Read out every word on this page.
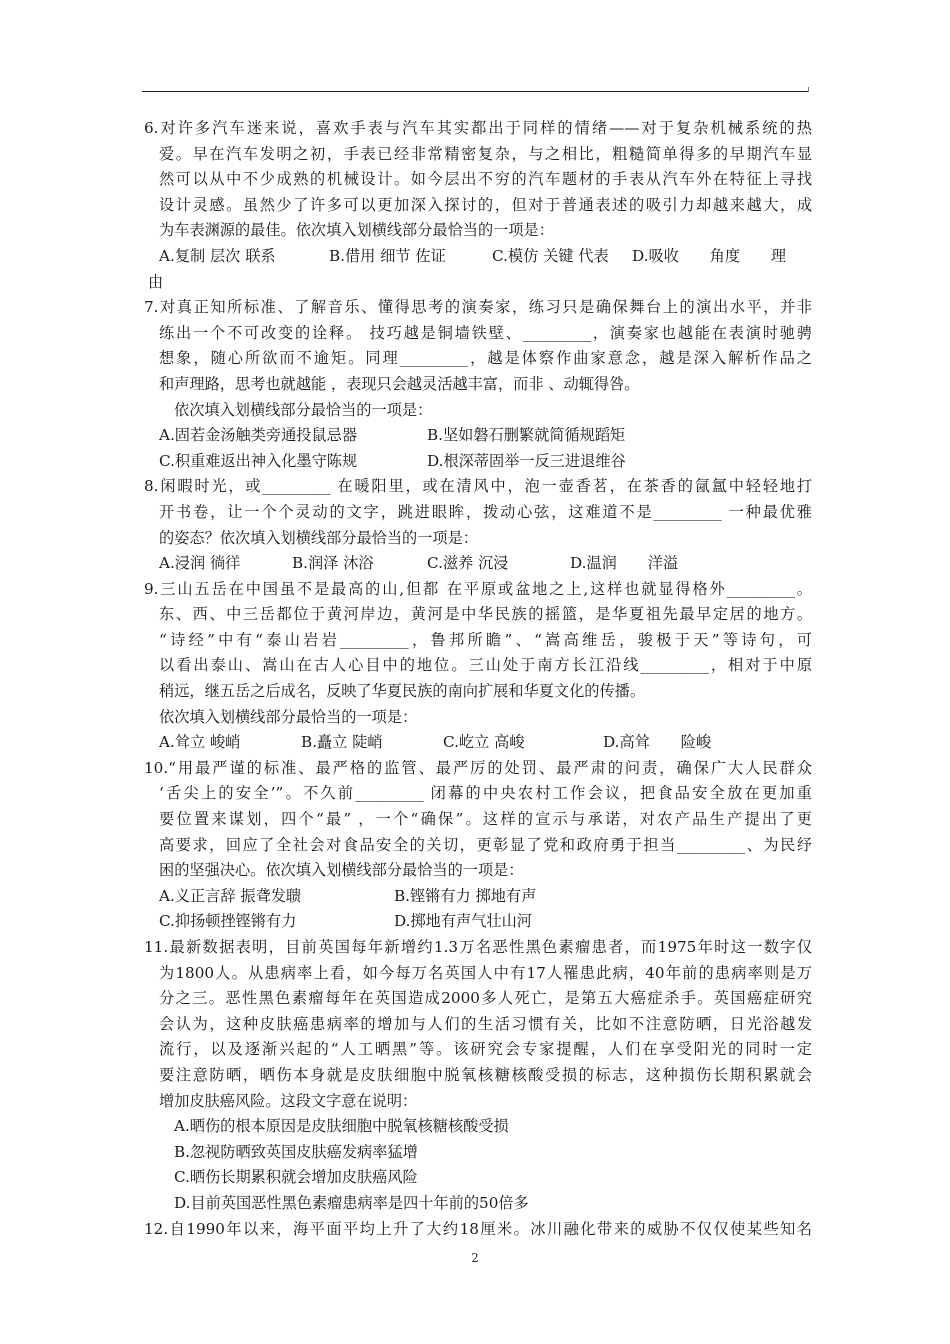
6.对许多汽车迷来说，喜欢手表与汽车其实都出于同样的情绪——对于复杂机械系统的热
爱。早在汽车发明之初，手表已经非常精密复杂，与之相比，粗糙简单得多的早期汽车显
然可以从中不少成熟的机械设计。如今层出不穷的汽车题材的手表从汽车外在特征上寻找
设计灵感。虽然少了许多可以更加深入探讨的，但对于普通表述的吸引力却越来越大，成
为车表渊源的最佳。依次填入划横线部分最恰当的一项是：
A.复制 层次 联系	B.借用 细节 佐证	C.模仿 关键 代表	D.吸收 角度 理
由
7.对真正知所标准、了解音乐、懂得思考的演奏家，练习只是确保舞台上的演出水平，并非
练出一个不可改变的诠释。 技巧越是铜墙铁壁、_________，演奏家也越能在表演时驰骋
想象，随心所欲而不逾矩。同理_________，越是体察作曲家意念，越是深入解析作品之
和声理路，思考也就越能 ，表现只会越灵活越丰富，而非 、动辄得咎。
依次填入划横线部分最恰当的一项是：
A.固若金汤触类旁通投鼠忌器	B.坚如磐石删繁就简循规蹈矩
C.积重难返出神入化墨守陈规	D.根深蒂固举一反三进退维谷
8.闲暇时光，或_________ 在暖阳里，或在清风中，泡一壶香茗，在茶香的氤氲中轻轻地打
开书卷，让一个个灵动的文字，跳进眼眸，拨动心弦，这难道不是_________ 一种最优雅
的姿态？依次填入划横线部分最恰当的一项是：
A.浸润 徜徉	B.润泽 沐浴	C.滋养 沉浸	D.温润 洋溢
9.三山五岳在中国虽不是最高的山,但都 在平原或盆地之上,这样也就显得格外_________。
东、西、中三岳都位于黄河岸边，黄河是中华民族的摇篮，是华夏祖先最早定居的地方。
“诗经”中有“泰山岩岩_________，鲁邦所瞻”、“嵩高维岳，骏极于天”等诗句，可
以看出泰山、嵩山在古人心目中的地位。三山处于南方长江沿线_________，相对于中原
稍远，继五岳之后成名，反映了华夏民族的南向扩展和华夏文化的传播。
依次填入划横线部分最恰当的一项是：
A.耸立 峻峭	B.矗立 陡峭	C.屹立 高峻	D.高耸 险峻
10.“用最严谨的标准、最严格的监管、最严厉的处罚、最严肃的问责，确保广大人民群众
‘舌尖上的安全’”。不久前_________ 闭幕的中央农村工作会议，把食品安全放在更加重
要位置来谋划，四个“最” ，一个“确保”。这样的宣示与承诺，对农产品生产提出了更
高要求，回应了全社会对食品安全的关切，更彰显了党和政府勇于担当_________、为民纾
困的坚强决心。依次填入划横线部分最恰当的一项是：
A.义正言辞 振聋发聩	B.铿锵有力 掷地有声
C.抑扬顿挫铿锵有力	D.掷地有声气壮山河
11.最新数据表明，目前英国每年新增约1.3万名恶性黑色素瘤患者，而1975年时这一数字仅
为1800人。从患病率上看，如今每万名英国人中有17人罹患此病，40年前的患病率则是万
分之三。恶性黑色素瘤每年在英国造成2000多人死亡，是第五大癌症杀手。英国癌症研究
会认为，这种皮肤癌患病率的增加与人们的生活习惯有关，比如不注意防晒，日光浴越发
流行，以及逐渐兴起的“人工晒黑”等。该研究会专家提醒，人们在享受阳光的同时一定
要注意防晒，晒伤本身就是皮肤细胞中脱氧核糖核酸受损的标志，这种损伤长期积累就会
增加皮肤癌风险。这段文字意在说明：
A.晒伤的根本原因是皮肤细胞中脱氧核糖核酸受损
B.忽视防晒致英国皮肤癌发病率猛增
C.晒伤长期累积就会增加皮肤癌风险
D.目前英国恶性黑色素瘤患病率是四十年前的50倍多
12.自1990年以来，海平面平均上升了大约18厘米。冰川融化带来的威胁不仅仅使某些知名
2
